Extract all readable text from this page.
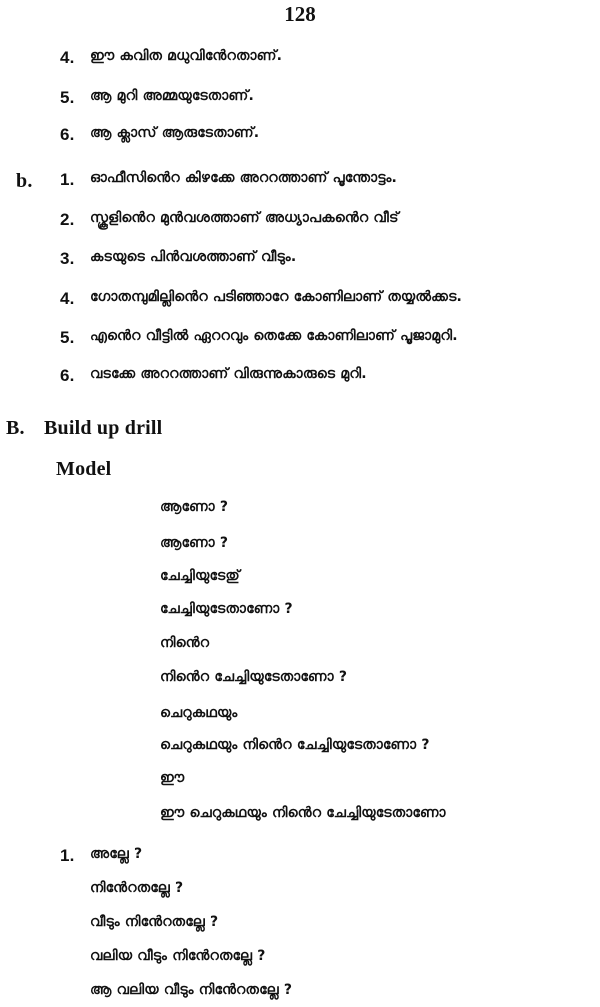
128
4. ഈ കവിത മധുവിൻേറതാണ്.
5. ആ മുറി അമ്മയുടേതാണ്.
6. ആ ക്ലാസ് ആരുടേതാണ്.
b. 1. ഓഫീസിൻെറ കിഴക്കേ അററത്താണ് പൂന്തോട്ടം.
2. സ്കൂളിൻെറ മുൻവശത്താണ് അധ്യാപകൻെറ വീട്
3. കടയുടെ പിൻവശത്താണ് വീടും.
4. ഗോതമ്പുമില്ലിൻെറ പടിഞ്ഞാറേ കോണിലാണ് തയ്യൽക്കട.
5. എൻെറ വീട്ടിൽ ഏററവും തെക്കേ കോണിലാണ് പൂജാമുറി.
6. വടക്കേ അററത്താണ് വിരുന്നുകാരുടെ മുറി.
B. Build up drill
Model
ആണോ ?
ആണോ ?
ചേച്ചിയുടേതു്
ചേച്ചിയുടേതാണോ ?
നിൻെറ
നിൻെറ ചേച്ചിയുടേതാണോ ?
ചെറുകഥയും
ചെറുകഥയും നിൻെറ ചേച്ചിയുടേതാണോ ?
ഈ
ഈ ചെറുകഥയും നിൻെറ ചേച്ചിയുടേതാണോ
1. അല്ലേ ?
നിൻേറതല്ലേ ?
വീടും നിൻേറതല്ലേ ?
വലിയ വീടും നിൻേറതല്ലേ ?
ആ വലിയ വീടും നിൻേറതല്ലേ ?
